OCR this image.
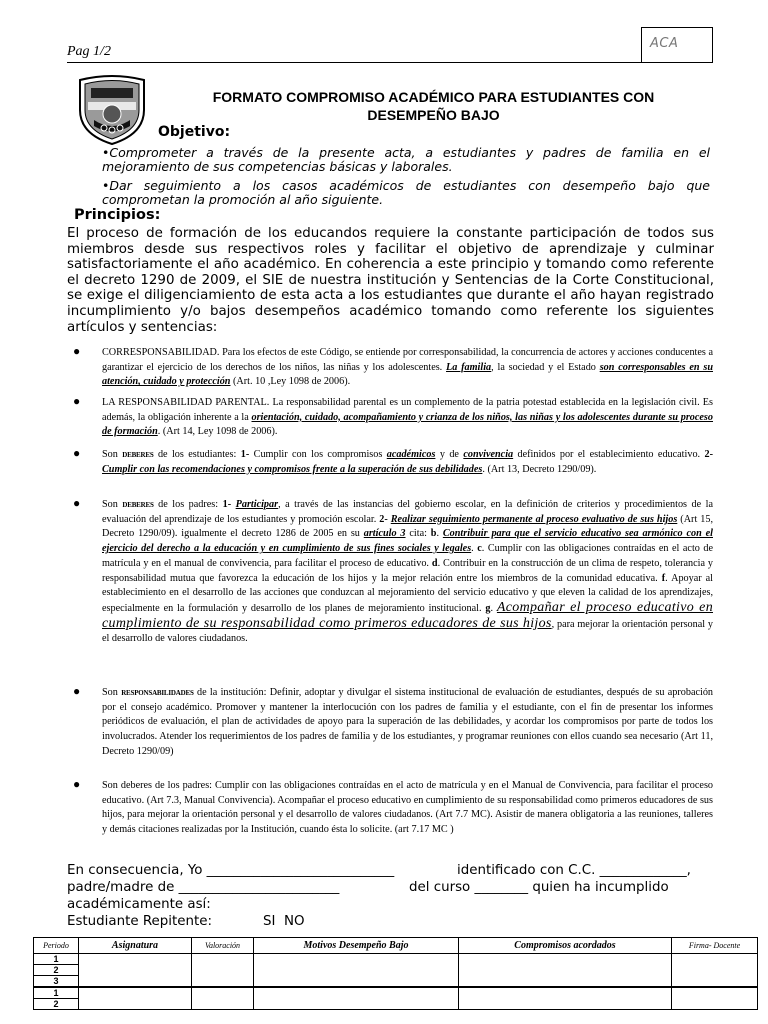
Pag 1/2
ACA
FORMATO COMPROMISO ACADÉMICO PARA ESTUDIANTES CON
DESEMPEÑO BAJO
Objetivo:
•Comprometer a través de la presente acta, a estudiantes y padres de familia en el mejoramiento de sus competencias básicas y laborales.
•Dar seguimiento a los casos académicos de estudiantes con desempeño bajo que comprometan la promoción al año siguiente.
Principios:
El proceso de formación de los educandos requiere la constante participación de todos sus miembros desde sus respectivos roles y facilitar el objetivo de aprendizaje y culminar satisfactoriamente el año académico. En coherencia a este principio y tomando como referente el decreto 1290 de 2009, el SIE de nuestra institución y Sentencias de la Corte Constitucional, se exige el diligenciamiento de esta acta a los estudiantes que durante el año hayan registrado incumplimiento y/o bajos desempeños académico tomando como referente los siguientes artículos y sentencias:
● CORRESPONSABILIDAD. Para los efectos de este Código, se entiende por corresponsabilidad, la concurrencia de actores y acciones conducentes a garantizar el ejercicio de los derechos de los niños, las niñas y los adolescentes. La familia, la sociedad y el Estado son corresponsables en su atención, cuidado y protección (Art. 10 ,Ley 1098 de 2006).
● LA RESPONSABILIDAD PARENTAL. La responsabilidad parental es un complemento de la patria potestad establecida en la legislación civil. Es además, la obligación inherente a la orientación, cuidado, acompañamiento y crianza de los niños, las niñas y los adolescentes durante su proceso de formación. (Art 14, Ley 1098 de 2006).
● Son DEBERES de los estudiantes: 1- Cumplir con los compromisos académicos y de convivencia definidos por el establecimiento educativo. 2- Cumplir con las recomendaciones y compromisos frente a la superación de sus debilidades. (Art 13, Decreto 1290/09).
● Son DEBERES de los padres: 1- Participar, a través de las instancias del gobierno escolar, en la definición de criterios y procedimientos de la evaluación del aprendizaje de los estudiantes y promoción escolar. 2- Realizar seguimiento permanente al proceso evaluativo de sus hijos (Art 15, Decreto 1290/09). igualmente el decreto 1286 de 2005 en su artículo 3 cita: b. Contribuir para que el servicio educativo sea armónico con el ejercicio del derecho a la educación y en cumplimiento de sus fines sociales y legales. c. Cumplir con las obligaciones contraídas en el acto de matrícula y en el manual de convivencia, para facilitar el proceso de educativo. d. Contribuir en la construcción de un clima de respeto, tolerancia y responsabilidad mutua que favorezca la educación de los hijos y la mejor relación entre los miembros de la comunidad educativa. f. Apoyar al establecimiento en el desarrollo de las acciones que conduzcan al mejoramiento del servicio educativo y que eleven la calidad de los aprendizajes, especialmente en la formulación y desarrollo de los planes de mejoramiento institucional. g. Acompañar el proceso educativo en cumplimiento de su responsabilidad como primeros educadores de sus hijos, para mejorar la orientación personal y el desarrollo de valores ciudadanos.
● Son RESPONSABILIDADES de la institución: Definir, adoptar y divulgar el sistema institucional de evaluación de estudiantes, después de su aprobación por el consejo académico. Promover y mantener la interlocución con los padres de familia y el estudiante, con el fin de presentar los informes periódicos de evaluación, el plan de actividades de apoyo para la superación de las debilidades, y acordar los compromisos por parte de todos los involucrados. Atender los requerimientos de los padres de familia y de los estudiantes, y programar reuniones con ellos cuando sea necesario (Art 11, Decreto 1290/09)
● Son deberes de los padres: Cumplir con las obligaciones contraídas en el acto de matrícula y en el Manual de Convivencia, para facilitar el proceso educativo. (Art 7.3, Manual Convivencia). Acompañar el proceso educativo en cumplimiento de su responsabilidad como primeros educadores de sus hijos, para mejorar la orientación personal y el desarrollo de valores ciudadanos. (Art 7.7 MC). Asistir de manera obligatoria a las reuniones, talleres y demás citaciones realizadas por la Institución, cuando ésta lo solicite. (art 7.17 MC )
En consecuencia, Yo ____________________________	identificado con C.C. _____________,
padre/madre de ________________________	del curso ________ quien ha incumplido
académicamente así:
Estudiante Repitente:	SI  NO
Periodo	Asignatura	Valoración	Motivos Desempeño Bajo	Compromisos acordados	Firma- Docente
1					
2					
3					
1					
2					
